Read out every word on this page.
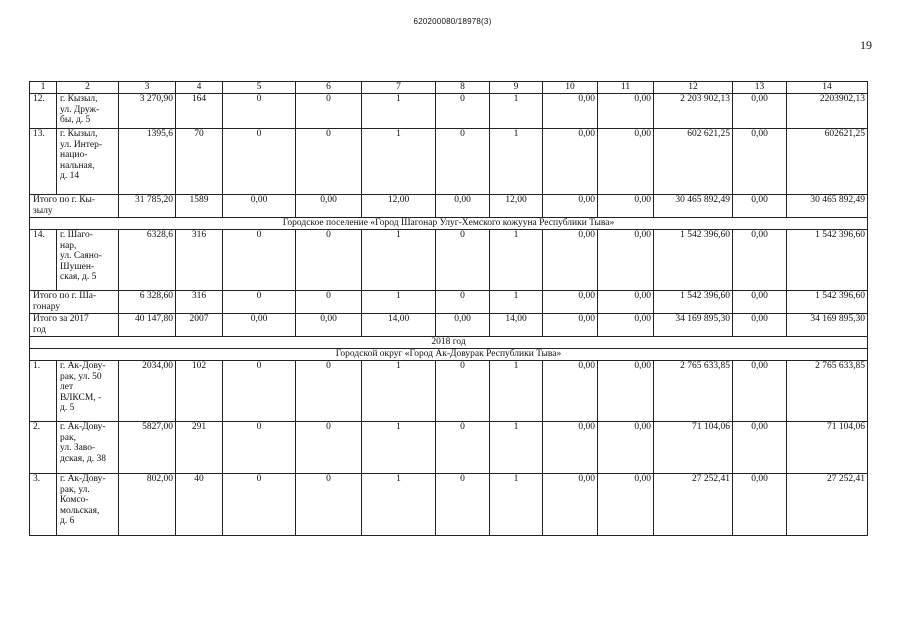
620200080/18978(3)
19
1	2	3	4	5	6	7	8	9	10	11	12	13	14
12.	г. Кызыл,
ул. Друж-
бы, д. 5	3 270,90	164	0	0	1	0	1	0,00	0,00	2 203 902,13	0,00	2203902,13
13.	г. Кызыл,
ул. Интер-
нацио-
нальная,
д. 14	1395,6	70	0	0	1	0	1	0,00	0,00	602 621,25	0,00	602621,25
Итого по г. Кы-
зылу		31 785,20	1589	0,00	0,00	12,00	0,00	12,00	0,00	0,00	30 465 892,49	0,00	30 465 892,49
Городское поселение «Город Шагонар Улуг-Хемского кожууна Республики Тыва»													
14.	г. Шаго-
нар,
ул. Саяно-
Шушен-
ская, д. 5	6328,6	316	0	0	1	0	1	0,00	0,00	1 542 396,60	0,00	1 542 396,60
Итого по г. Ша-
гонару		6 328,60	316	0	0	1	0	1	0,00	0,00	1 542 396,60	0,00	1 542 396,60
Итого за 2017
год		40 147,80	2007	0,00	0,00	14,00	0,00	14,00	0,00	0,00	34 169 895,30	0,00	34 169 895,30
2018 год													
Городской округ «Город Ак-Довурак Республики Тыва»													
1.	г. Ак-Дову-
рак, ул. 50
лет
ВЛКСМ, -
д. 5	2034,00	102	0	0	1	0	1	0,00	0,00	2 765 633,85	0,00	2 765 633,85
2.	г. Ак-Дову-
рак,
ул. Заво-
дская, д. 38	5827,00	291	0	0	1	0	1	0,00	0,00	71 104,06	0,00	71 104,06
3.	г. Ак-Дову-
рак, ул.
Комсо-
мольская,
д. 6	802,00	40	0	0	1	0	1	0,00	0,00	27 252,41	0,00	27 252,41
